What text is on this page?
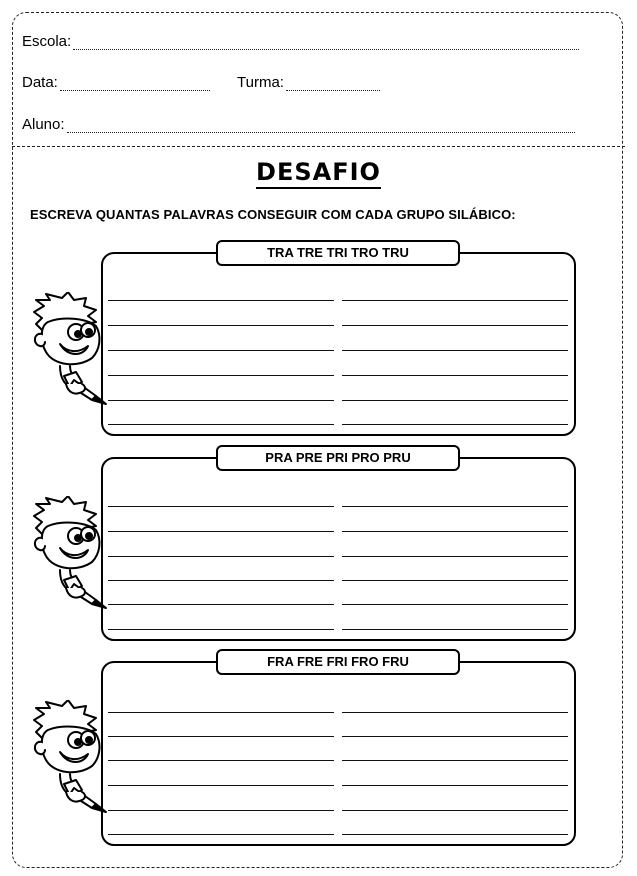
Escola:
Data:	Turma:
Aluno:
DESAFIO
ESCREVA QUANTAS PALAVRAS CONSEGUIR COM CADA GRUPO SILÁBICO:
TRA TRE TRI TRO TRU
PRA PRE PRI PRO PRU
FRA FRE FRI FRO FRU
